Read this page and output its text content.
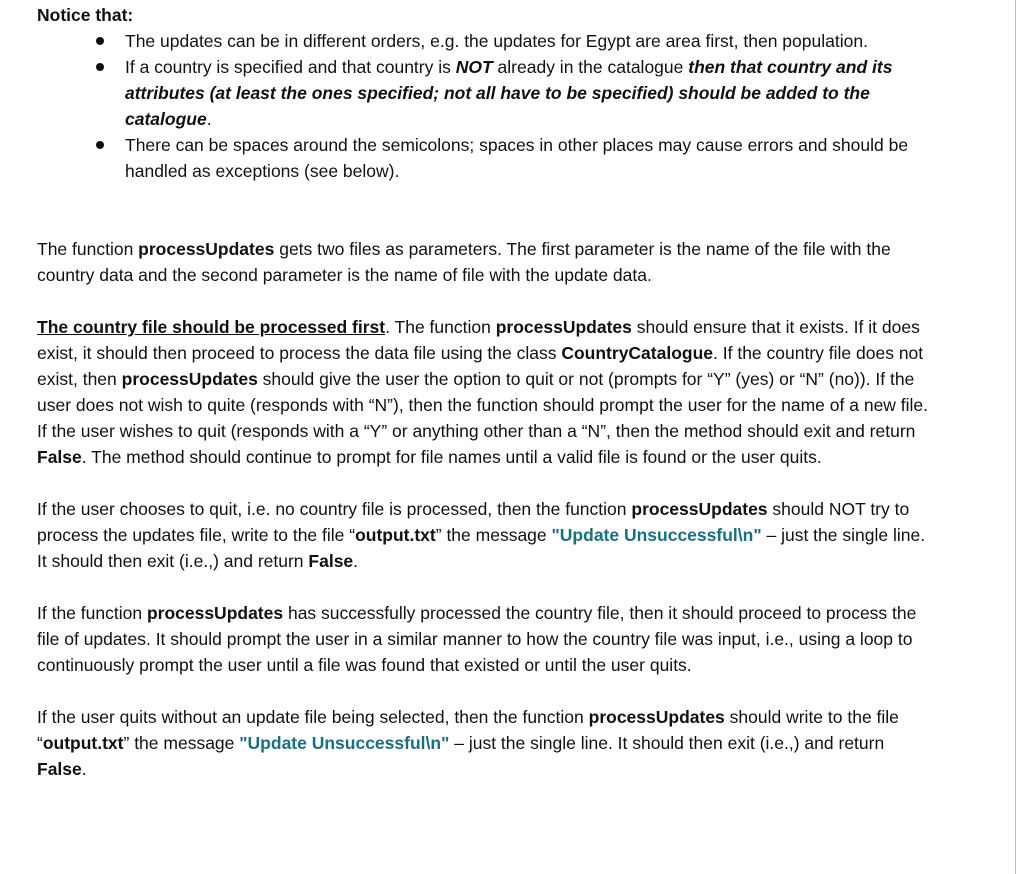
Notice that:

The updates can be in different orders, e.g. the updates for Egypt are area first, then population.
If a country is specified and that country is NOT already in the catalogue then that country and its attributes (at least the ones specified; not all have to be specified) should be added to the catalogue.
There can be spaces around the semicolons; spaces in other places may cause errors and should be handled as exceptions (see below).

The function processUpdates gets two files as parameters. The first parameter is the name of the file with the country data and the second parameter is the name of file with the update data.

The country file should be processed first. The function processUpdates should ensure that it exists. If it does exist, it should then proceed to process the data file using the class CountryCatalogue. If the country file does not exist, then processUpdates should give the user the option to quit or not (prompts for “Y” (yes) or “N” (no)). If the user does not wish to quite (responds with “N”), then the function should prompt the user for the name of a new file. If the user wishes to quit (responds with a “Y” or anything other than a “N”, then the method should exit and return False. The method should continue to prompt for file names until a valid file is found or the user quits.

If the user chooses to quit, i.e. no country file is processed, then the function processUpdates should NOT try to process the updates file, write to the file “output.txt” the message "Update Unsuccessful\n" – just the single line. It should then exit (i.e.,) and return False.

If the function processUpdates has successfully processed the country file, then it should proceed to process the file of updates. It should prompt the user in a similar manner to how the country file was input, i.e., using a loop to continuously prompt the user until a file was found that existed or until the user quits.

If the user quits without an update file being selected, then the function processUpdates should write to the file “output.txt” the message "Update Unsuccessful\n" – just the single line. It should then exit (i.e.,) and return False.
